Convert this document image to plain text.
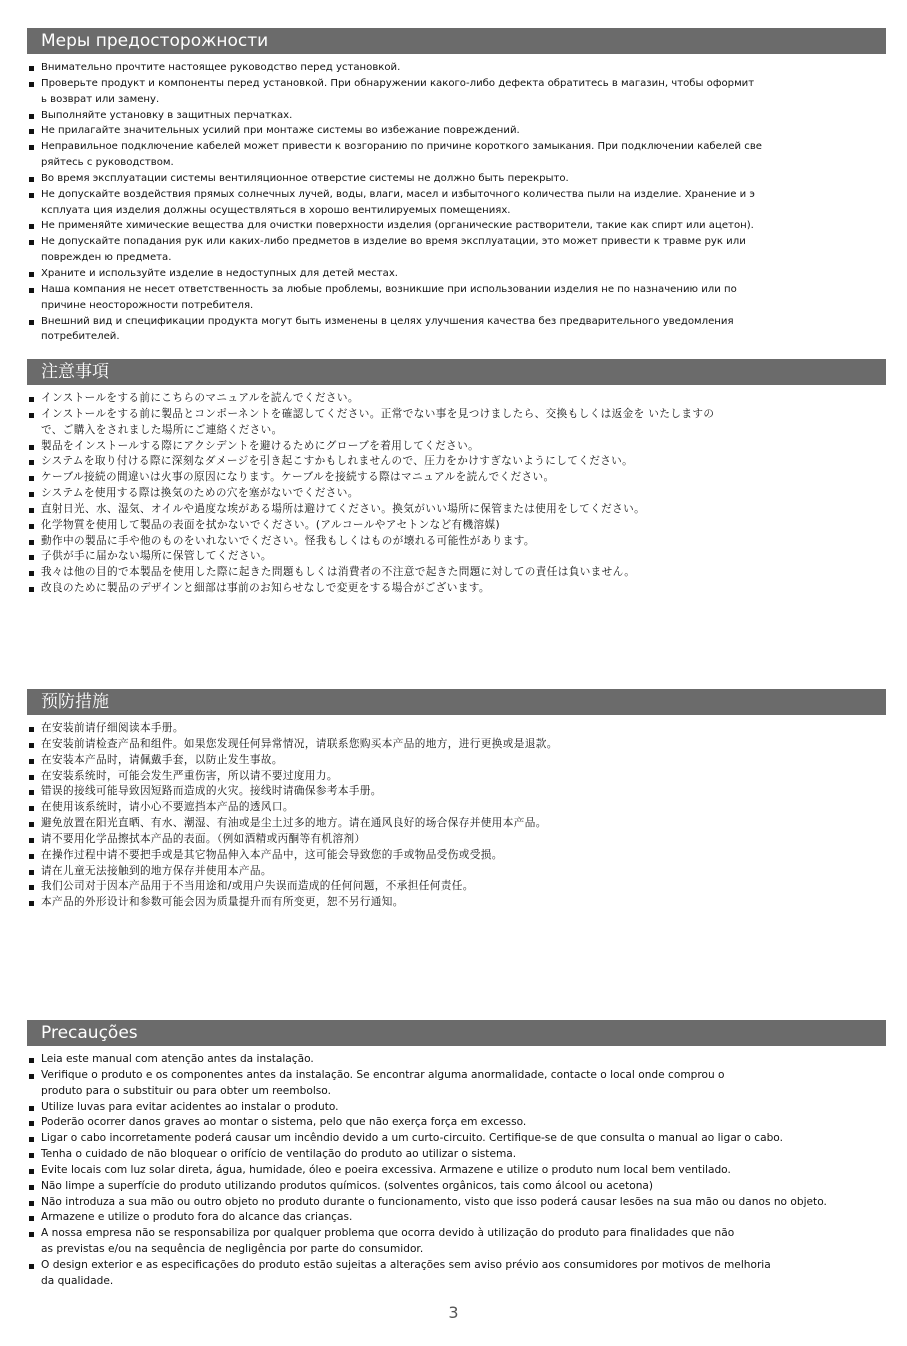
Меры предосторожности
Внимательно прочтите настоящее руководство перед установкой.
Проверьте продукт и компоненты перед установкой. При обнаружении какого-либо дефекта обратитесь в магазин, чтобы оформит
ь возврат или замену.
Выполняйте установку в защитных перчатках.
Не прилагайте значительных усилий при монтаже системы во избежание повреждений.
Неправильное подключение кабелей может привести к возгоранию по причине короткого замыкания. При подключении кабелей све
ряйтесь с руководством.
Во время эксплуатации системы вентиляционное отверстие системы не должно быть перекрыто.
Не допускайте воздействия прямых солнечных лучей, воды, влаги, масел и избыточного количества пыли на изделие. Хранение и э
ксплуата ция изделия должны осуществляться в хорошо вентилируемых помещениях.
Не применяйте химические вещества для очистки поверхности изделия (органические растворители, такие как спирт или ацетон).
Не допускайте попадания рук или каких-либо предметов в изделие во время эксплуатации, это может привести к травме рук или
поврежден ю предмета.
Храните и используйте изделие в недоступных для детей местах.
Наша компания не несет ответственность за любые проблемы, возникшие при использовании изделия не по назначению или по
причине неосторожности потребителя.
Внешний вид и спецификации продукта могут быть изменены в целях улучшения качества без предварительного уведомления
потребителей.
注意事項
インストールをする前にこちらのマニュアルを読んでください。
インストールをする前に製品とコンポーネントを確認してください。正常でない事を見つけましたら、交換もしくは返金を いたしますの
で、ご購入をされました場所にご連絡ください。
製品をインストールする際にアクシデントを避けるためにグローブを着用してください。
システムを取り付ける際に深刻なダメージを引き起こすかもしれませんので、圧力をかけすぎないようにしてください。
ケーブル接続の間違いは火事の原因になります。ケーブルを接続する際はマニュアルを読んでください。
システムを使用する際は換気のための穴を塞がないでください。
直射日光、水、湿気、オイルや過度な埃がある場所は避けてください。換気がいい場所に保管または使用をしてください。
化学物質を使用して製品の表面を拭かないでください。(アルコールやアセトンなど有機溶媒)
動作中の製品に手や他のものをいれないでください。怪我もしくはものが壊れる可能性があります。
子供が手に届かない場所に保管してください。
我々は他の目的で本製品を使用した際に起きた問題もしくは消費者の不注意で起きた問題に対しての責任は負いません。
改良のために製品のデザインと細部は事前のお知らせなしで変更をする場合がございます。
预防措施
在安装前请仔细阅读本手册。
在安装前请检查产品和组件。如果您发现任何异常情况，请联系您购买本产品的地方，进行更换或是退款。
在安装本产品时，请佩戴手套，以防止发生事故。
在安装系统时，可能会发生严重伤害，所以请不要过度用力。
错误的接线可能导致因短路而造成的火灾。接线时请确保参考本手册。
在使用该系统时，请小心不要遮挡本产品的透风口。
避免放置在阳光直晒、有水、潮湿、有油或是尘土过多的地方。请在通风良好的场合保存并使用本产品。
请不要用化学品擦拭本产品的表面。（例如酒精或丙酮等有机溶剂）
在操作过程中请不要把手或是其它物品伸入本产品中，这可能会导致您的手或物品受伤或受损。
请在儿童无法接触到的地方保存并使用本产品。
我们公司对于因本产品用于不当用途和/或用户失误而造成的任何问题，不承担任何责任。
本产品的外形设计和参数可能会因为质量提升而有所变更，恕不另行通知。
Precauções
Leia este manual com atenção antes da instalação.
Verifique o produto e os componentes antes da instalação. Se encontrar alguma anormalidade, contacte o local onde comprou o
produto para o substituir ou para obter um reembolso.
Utilize luvas para evitar acidentes ao instalar o produto.
Poderão ocorrer danos graves ao montar o sistema, pelo que não exerça força em excesso.
Ligar o cabo incorretamente poderá causar um incêndio devido a um curto-circuito. Certifique-se de que consulta o manual ao ligar o cabo.
Tenha o cuidado de não bloquear o orifício de ventilação do produto ao utilizar o sistema.
Evite locais com luz solar direta, água, humidade, óleo e poeira excessiva. Armazene e utilize o produto num local bem ventilado.
Não limpe a superfície do produto utilizando produtos químicos. (solventes orgânicos, tais como álcool ou acetona)
Não introduza a sua mão ou outro objeto no produto durante o funcionamento, visto que isso poderá causar lesões na sua mão ou danos no objeto.
Armazene e utilize o produto fora do alcance das crianças.
A nossa empresa não se responsabiliza por qualquer problema que ocorra devido à utilização do produto para finalidades que não
as previstas e/ou na sequência de negligência por parte do consumidor.
O design exterior e as especificações do produto estão sujeitas a alterações sem aviso prévio aos consumidores por motivos de melhoria
da qualidade.
3
